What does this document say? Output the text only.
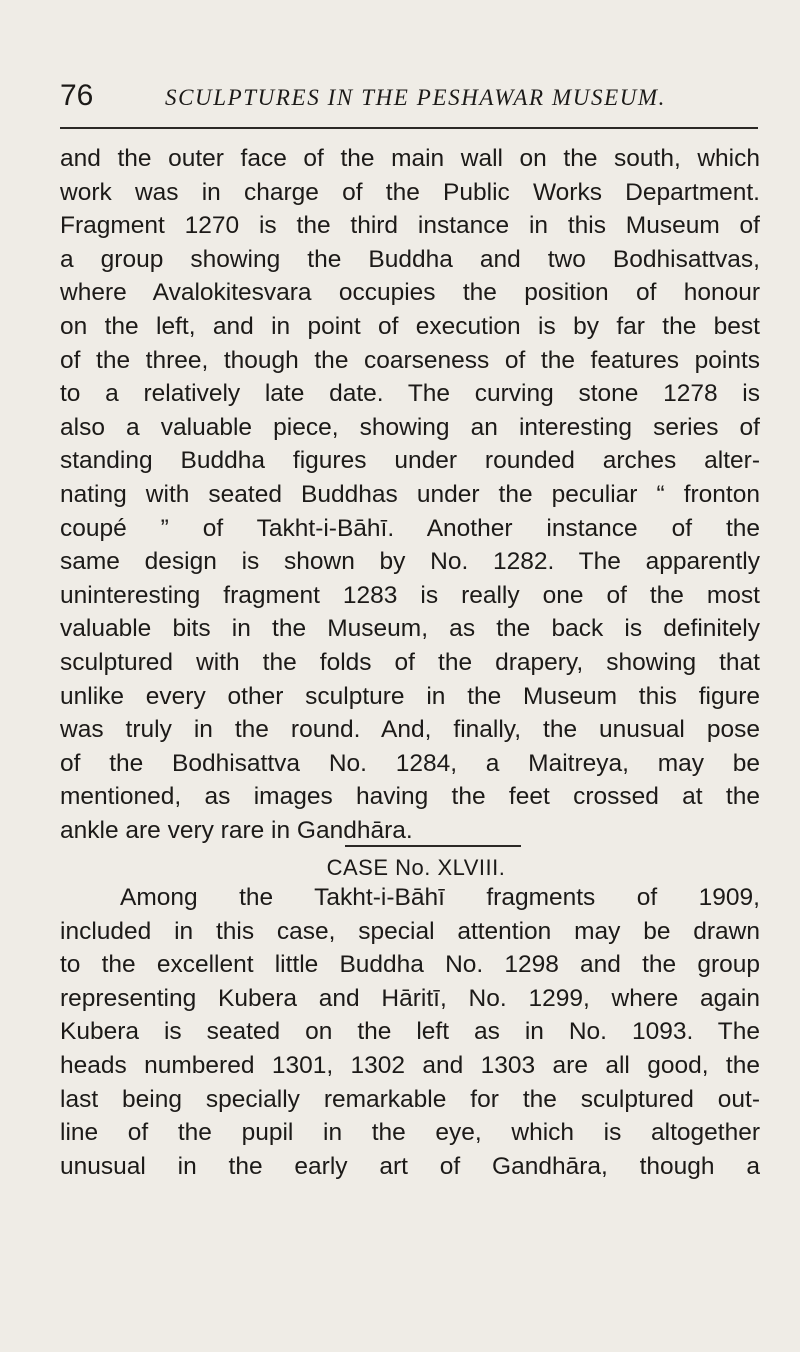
76	SCULPTURES IN THE PESHAWAR MUSEUM.
and the outer face of the main wall on the south, which
work was in charge of the Public Works Department.
Fragment 1270 is the third instance in this Museum of
a group showing the Buddha and two Bodhisattvas,
where Avalokitesvara occupies the position of honour
on the left, and in point of execution is by far the best
of the three, though the coarseness of the features points
to a relatively late date. The curving stone 1278 is
also a valuable piece, showing an interesting series of
standing Buddha figures under rounded arches alter-
nating with seated Buddhas under the peculiar “ fronton
coupé ” of Takht-i-Bāhī. Another instance of the
same design is shown by No. 1282. The apparently
uninteresting fragment 1283 is really one of the most
valuable bits in the Museum, as the back is definitely
sculptured with the folds of the drapery, showing that
unlike every other sculpture in the Museum this figure
was truly in the round. And, finally, the unusual pose
of the Bodhisattva No. 1284, a Maitreya, may be
mentioned, as images having the feet crossed at the
ankle are very rare in Gandhāra.
CASE No. XLVIII.
Among the Takht-i-Bāhī fragments of 1909,
included in this case, special attention may be drawn
to the excellent little Buddha No. 1298 and the group
representing Kubera and Hāritī, No. 1299, where again
Kubera is seated on the left as in No. 1093. The
heads numbered 1301, 1302 and 1303 are all good, the
last being specially remarkable for the sculptured out-
line of the pupil in the eye, which is altogether
unusual in the early art of Gandhāra, though a
